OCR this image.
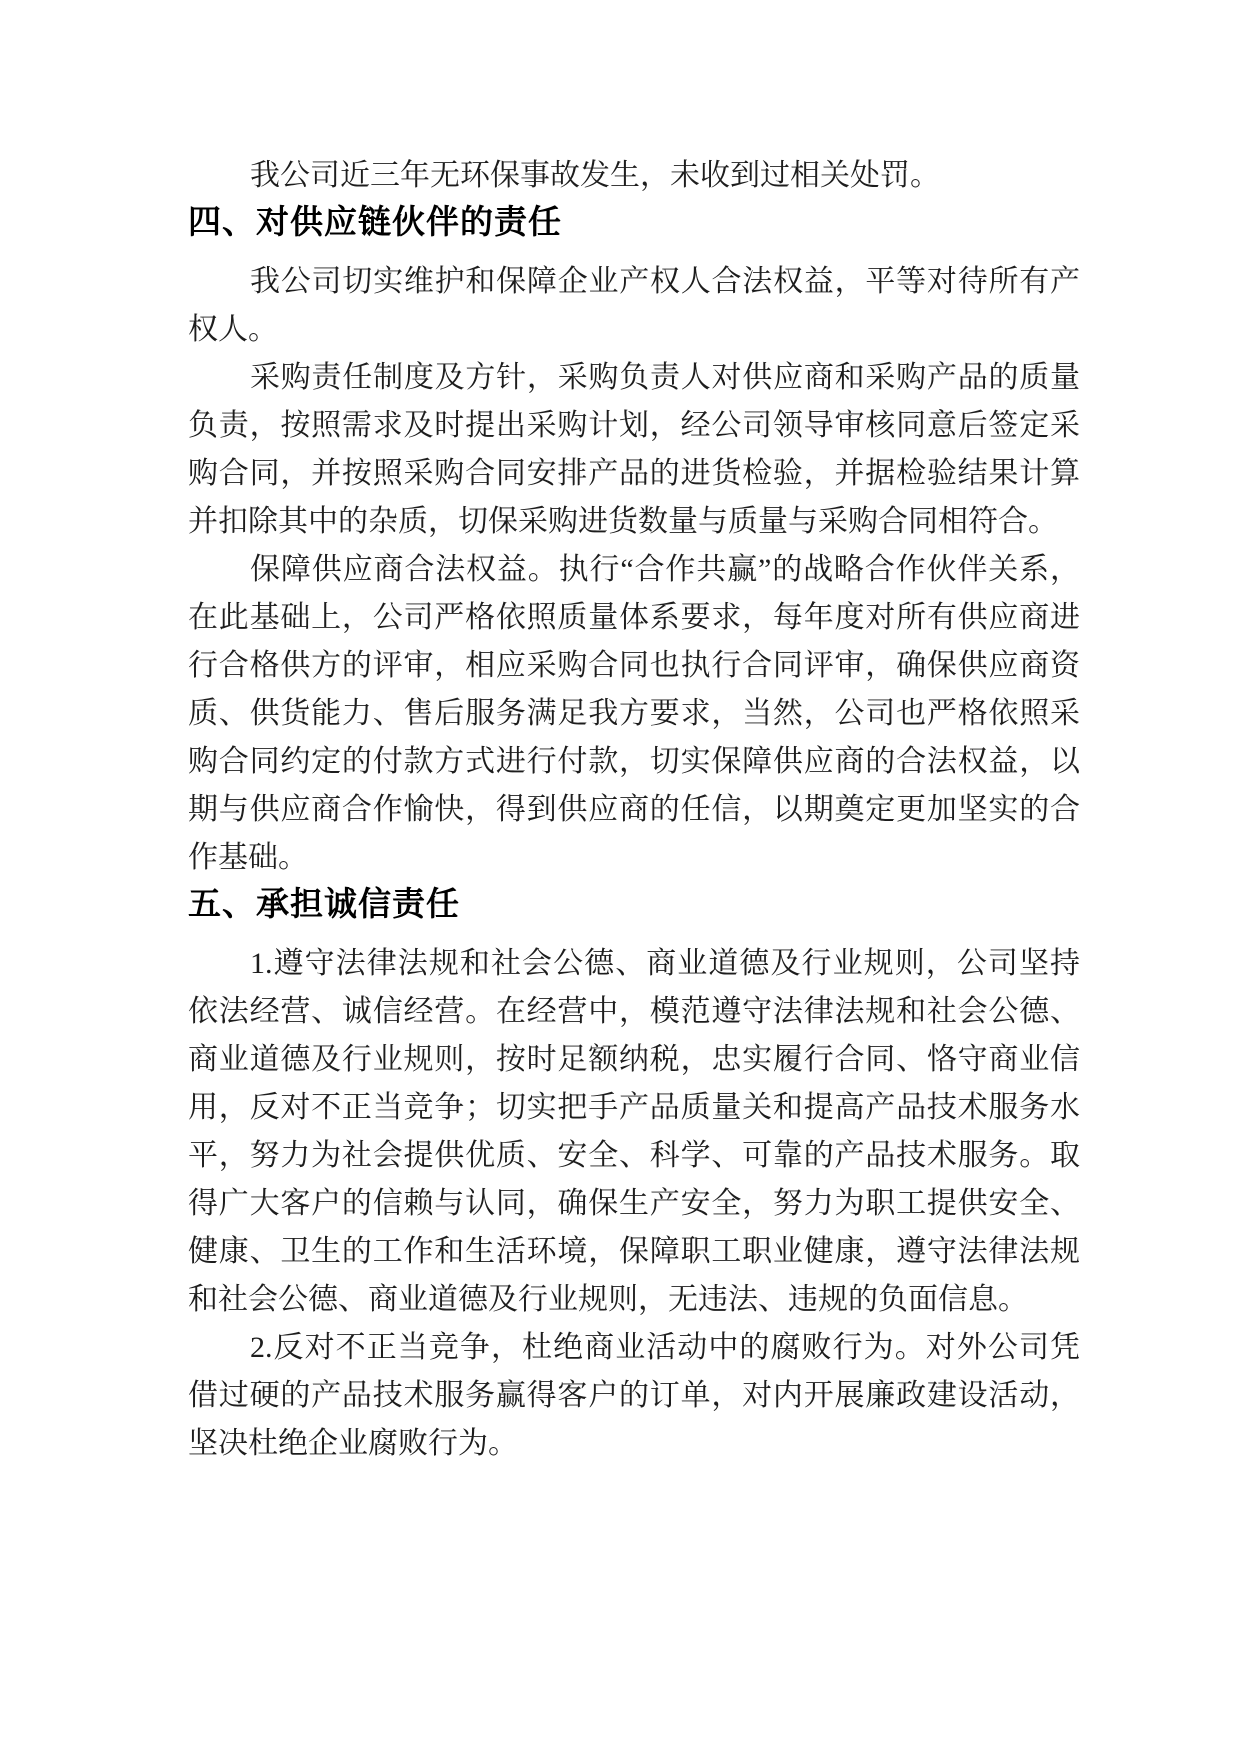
我公司近三年无环保事故发生，未收到过相关处罚。

四、对供应链伙伴的责任

我公司切实维护和保障企业产权人合法权益，平等对待所有产权人。

采购责任制度及方针，采购负责人对供应商和采购产品的质量负责，按照需求及时提出采购计划，经公司领导审核同意后签定采购合同，并按照采购合同安排产品的进货检验，并据检验结果计算并扣除其中的杂质，切保采购进货数量与质量与采购合同相符合。

保障供应商合法权益。执行“合作共赢”的战略合作伙伴关系，在此基础上，公司严格依照质量体系要求，每年度对所有供应商进行合格供方的评审，相应采购合同也执行合同评审，确保供应商资质、供货能力、售后服务满足我方要求，当然，公司也严格依照采购合同约定的付款方式进行付款，切实保障供应商的合法权益，以期与供应商合作愉快，得到供应商的任信，以期奠定更加坚实的合作基础。

五、承担诚信责任

1.遵守法律法规和社会公德、商业道德及行业规则，公司坚持依法经营、诚信经营。在经营中，模范遵守法律法规和社会公德、商业道德及行业规则，按时足额纳税，忠实履行合同、恪守商业信用，反对不正当竞争；切实把手产品质量关和提高产品技术服务水平，努力为社会提供优质、安全、科学、可靠的产品技术服务。取得广大客户的信赖与认同，确保生产安全，努力为职工提供安全、健康、卫生的工作和生活环境，保障职工职业健康，遵守法律法规和社会公德、商业道德及行业规则，无违法、违规的负面信息。

2.反对不正当竞争，杜绝商业活动中的腐败行为。对外公司凭借过硬的产品技术服务赢得客户的订单，对内开展廉政建设活动，坚决杜绝企业腐败行为。
